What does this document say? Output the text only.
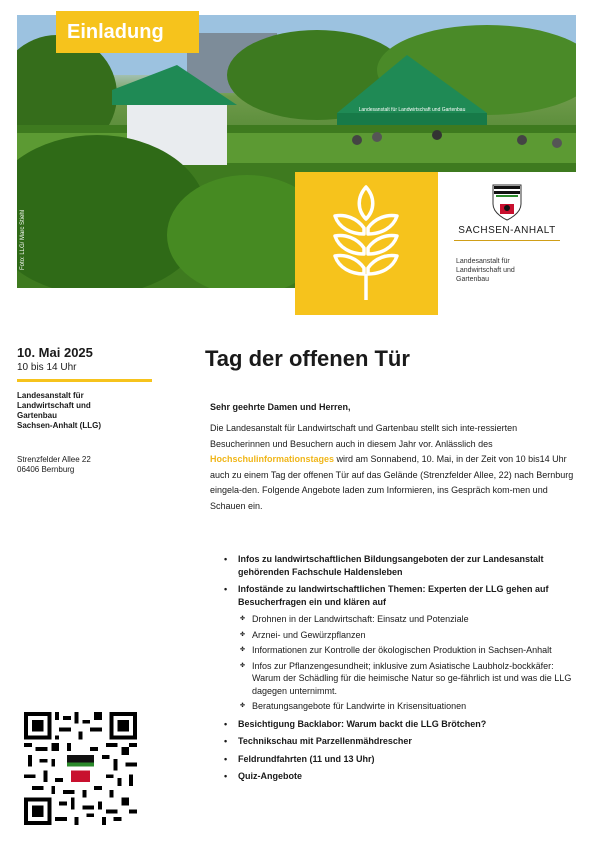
Landesanstalt für Landwirtschaft und Gartenbau
Einladung
Foto: LLG/ Marc Stiehl	SACHSEN-ANHALT
Landesanstalt für
Landwirtschaft und
Gartenbau
10. Mai 2025
10 bis 14 Uhr
Landesanstalt für
Landwirtschaft und
Gartenbau
Sachsen-Anhalt (LLG)
Strenzfelder Allee 22
06406 Bernburg
Tag der offenen Tür
Sehr geehrte Damen und Herren,
Die Landesanstalt für Landwirtschaft und Gartenbau stellt sich inte-ressierten Besucherinnen und Besuchern auch in diesem Jahr vor. Anlässlich des Hochschulinformationstages wird am Sonnabend, 10. Mai, in der Zeit von 10 bis14 Uhr auch zu einem Tag der offenen Tür auf das Gelände (Strenzfelder Allee, 22) nach Bernburg eingela-den. Folgende Angebote laden zum Informieren, ins Gespräch kom-men und Schauen ein.
• Infos zu landwirtschaftlichen Bildungsangeboten der zur Landesanstalt gehörenden Fachschule Haldensleben
• Infostände zu landwirtschaftlichen Themen: Experten der LLG gehen auf Besucherfragen ein und klären auf
✤ Drohnen in der Landwirtschaft: Einsatz und Potenziale
✤ Arznei- und Gewürzpflanzen
✤ Informationen zur Kontrolle der ökologischen Produktion in Sachsen-Anhalt
✤ Infos zur Pflanzengesundheit; inklusive zum Asiatische Laubholz-bockkäfer: Warum der Schädling für die heimische Natur so ge-fährlich ist und was die LLG dagegen unternimmt.
✤ Beratungsangebote für Landwirte in Krisensituationen
• Besichtigung Backlabor: Warum backt die LLG Brötchen?
• Technikschau mit Parzellenmähdrescher
• Feldrundfahrten (11 und 13 Uhr)
• Quiz-Angebote
